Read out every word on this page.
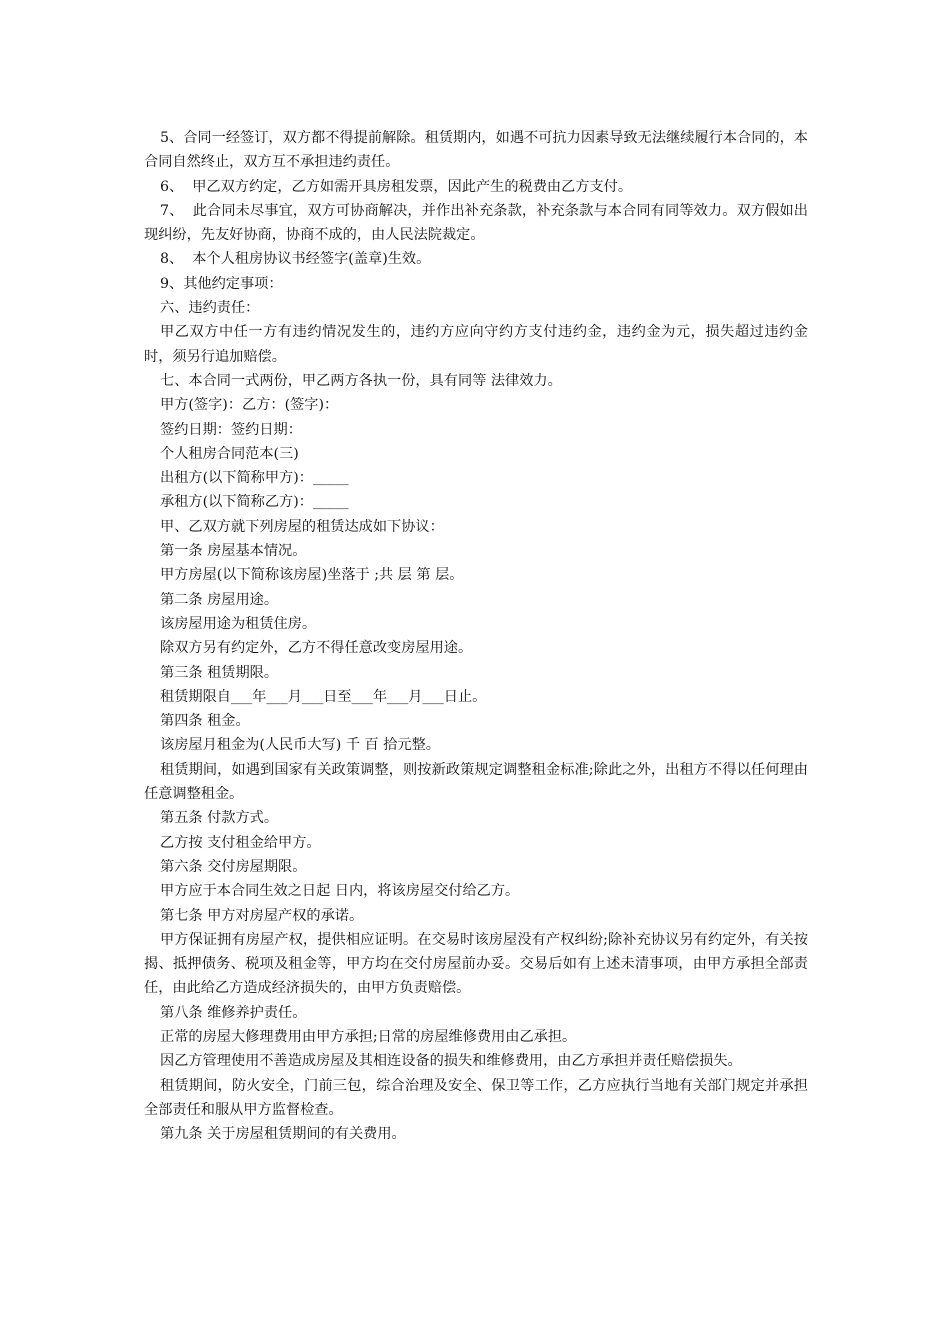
5、合同一经签订，双方都不得提前解除。租赁期内，如遇不可抗力因素导致无法继续履行本合同的，本合同自然终止，双方互不承担违约责任。

6、  甲乙双方约定，乙方如需开具房租发票，因此产生的税费由乙方支付。

7、  此合同未尽事宜，双方可协商解决，并作出补充条款，补充条款与本合同有同等效力。双方假如出现纠纷，先友好协商，协商不成的，由人民法院裁定。

8、  本个人租房协议书经签字(盖章)生效。

9、其他约定事项：

六、违约责任：

甲乙双方中任一方有违约情况发生的，违约方应向守约方支付违约金，违约金为元，损失超过违约金时，须另行追加赔偿。

七、本合同一式两份，甲乙两方各执一份，具有同等 法律效力。

甲方(签字)：乙方：(签字)：

签约日期：签约日期：

个人租房合同范本(三)

出租方(以下简称甲方)：_____

承租方(以下简称乙方)：_____

甲、乙双方就下列房屋的租赁达成如下协议：

第一条 房屋基本情况。

甲方房屋(以下简称该房屋)坐落于 ;共 层 第 层。

第二条 房屋用途。

该房屋用途为租赁住房。

除双方另有约定外，乙方不得任意改变房屋用途。

第三条 租赁期限。

租赁期限自___年___月___日至___年___月___日止。

第四条 租金。

该房屋月租金为(人民币大写) 千 百 拾元整。

租赁期间，如遇到国家有关政策调整，则按新政策规定调整租金标准;除此之外，出租方不得以任何理由任意调整租金。

第五条 付款方式。

乙方按 支付租金给甲方。

第六条 交付房屋期限。

甲方应于本合同生效之日起 日内，将该房屋交付给乙方。

第七条 甲方对房屋产权的承诺。

甲方保证拥有房屋产权，提供相应证明。在交易时该房屋没有产权纠纷;除补充协议另有约定外，有关按揭、抵押债务、税项及租金等，甲方均在交付房屋前办妥。交易后如有上述未清事项，由甲方承担全部责任，由此给乙方造成经济损失的，由甲方负责赔偿。

第八条 维修养护责任。

正常的房屋大修理费用由甲方承担;日常的房屋维修费用由乙承担。

因乙方管理使用不善造成房屋及其相连设备的损失和维修费用，由乙方承担并责任赔偿损失。

租赁期间，防火安全，门前三包，综合治理及安全、保卫等工作，乙方应执行当地有关部门规定并承担全部责任和服从甲方监督检查。

第九条 关于房屋租赁期间的有关费用。
